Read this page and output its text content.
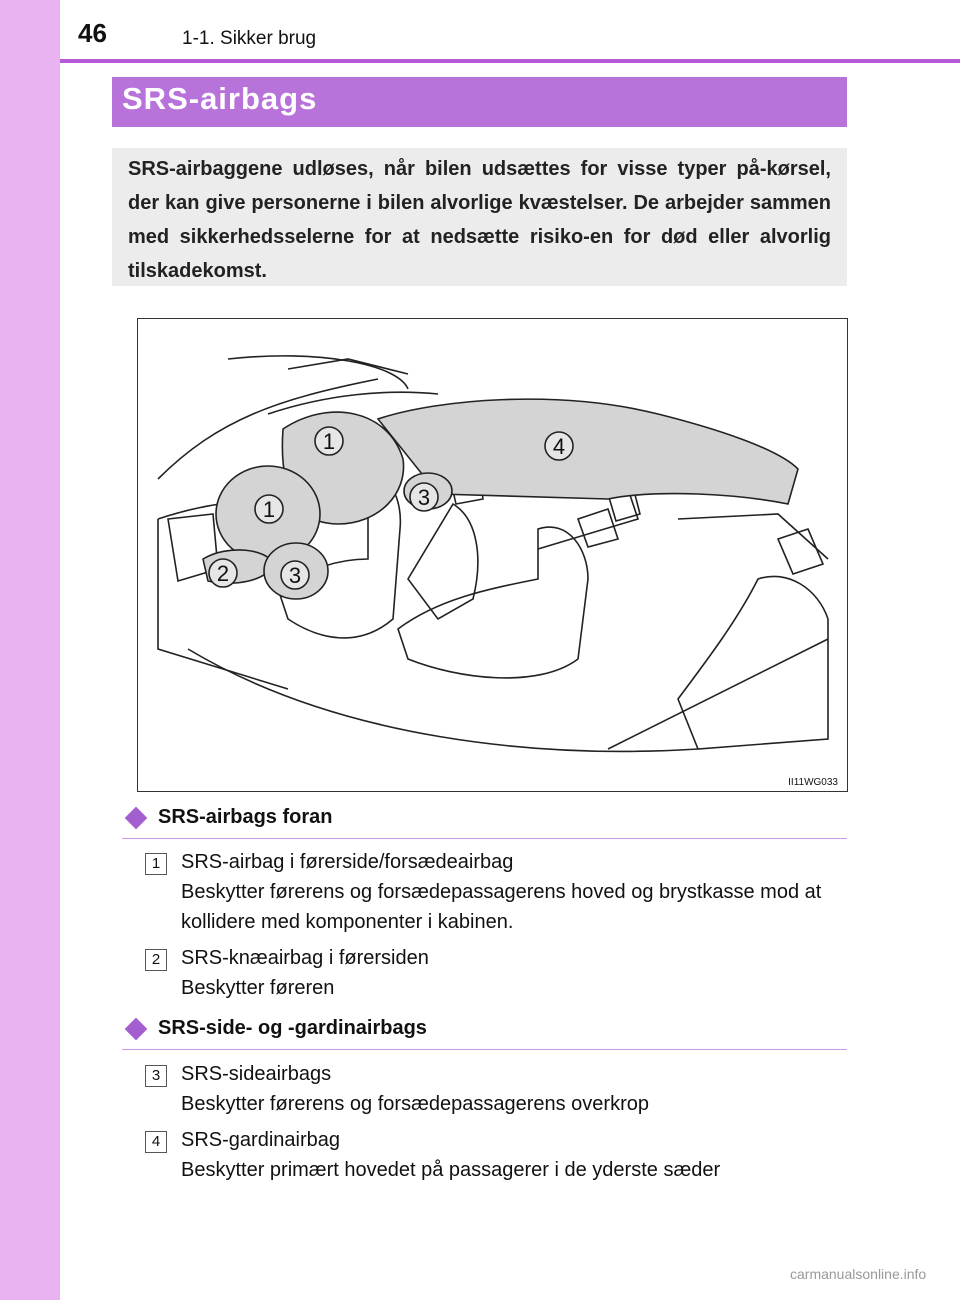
46	1-1. Sikker brug
SRS-airbags
SRS-airbaggene udløses, når bilen udsættes for visse typer på-kørsel, der kan give personerne i bilen alvorlige kvæstelser. De arbejder sammen med sikkerhedsselerne for at nedsætte risiko-en for død eller alvorlig tilskadekomst.
1
1
2
3
3
4
II11WG033
SRS-airbags foran
1	SRS-airbag i førerside/forsædeairbag
Beskytter førerens og forsædepassagerens hoved og brystkasse mod at kollidere med komponenter i kabinen.
2	SRS-knæairbag i førersiden
Beskytter føreren
SRS-side- og -gardinairbags
3	SRS-sideairbags
Beskytter førerens og forsædepassagerens overkrop
4	SRS-gardinairbag
Beskytter primært hovedet på passagerer i de yderste sæder
carmanualsonline.info
